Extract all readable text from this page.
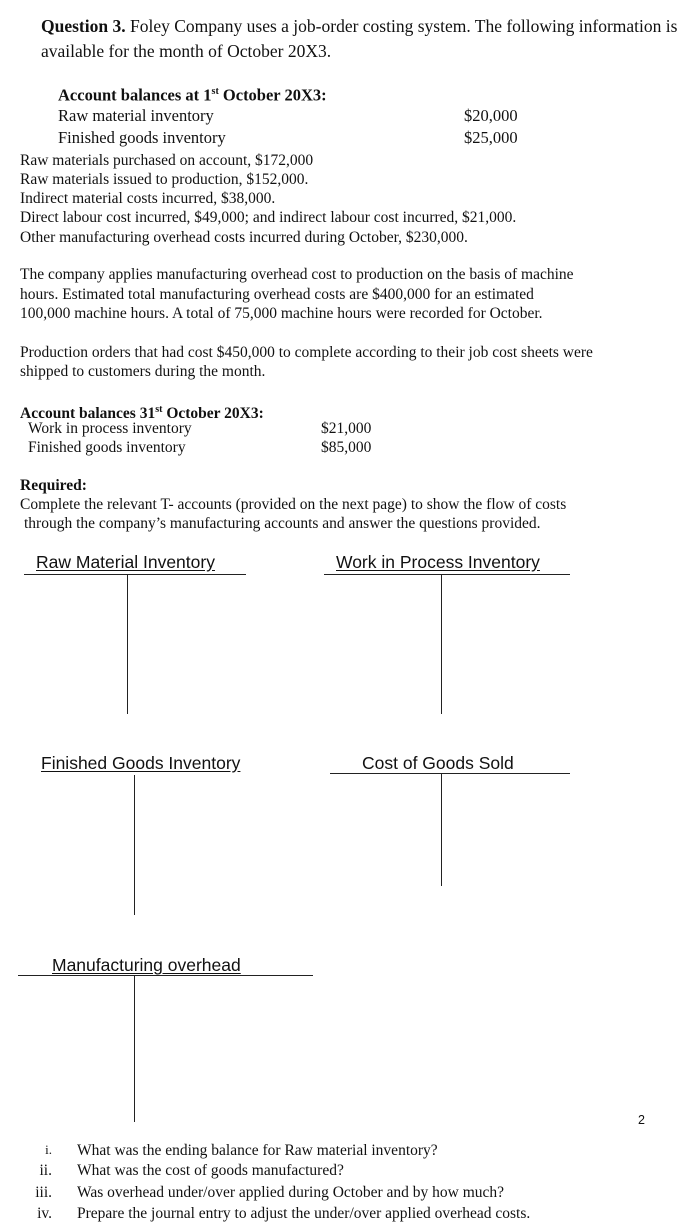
Question 3. Foley Company uses a job-order costing system. The following information is available for the month of October 20X3.
Account balances at 1st October 20X3:
Raw material inventory	$20,000
Finished goods inventory	$25,000
Raw materials purchased on account, $172,000
Raw materials issued to production, $152,000.
Indirect material costs incurred, $38,000.
Direct labour cost incurred, $49,000; and indirect labour cost incurred, $21,000.
Other manufacturing overhead costs incurred during October, $230,000.
The company applies manufacturing overhead cost to production on the basis of machine
hours. Estimated total manufacturing overhead costs are $400,000 for an estimated
100,000 machine hours. A total of 75,000 machine hours were recorded for October.
Production orders that had cost $450,000 to complete according to their job cost sheets were
shipped to customers during the month.
Account balances 31st October 20X3:
Work in process inventory	$21,000
Finished goods inventory	$85,000
Required:
Complete the relevant T- accounts (provided on the next page) to show the flow of costs
through the company’s manufacturing accounts and answer the questions provided.
Raw Material Inventory	Work in Process Inventory
Finished Goods Inventory	Cost of Goods Sold
Manufacturing overhead
2
i. What was the ending balance for Raw material inventory?
ii. What was the cost of goods manufactured?
iii. Was overhead under/over applied during October and by how much?
iv. Prepare the journal entry to adjust the under/over applied overhead costs.
